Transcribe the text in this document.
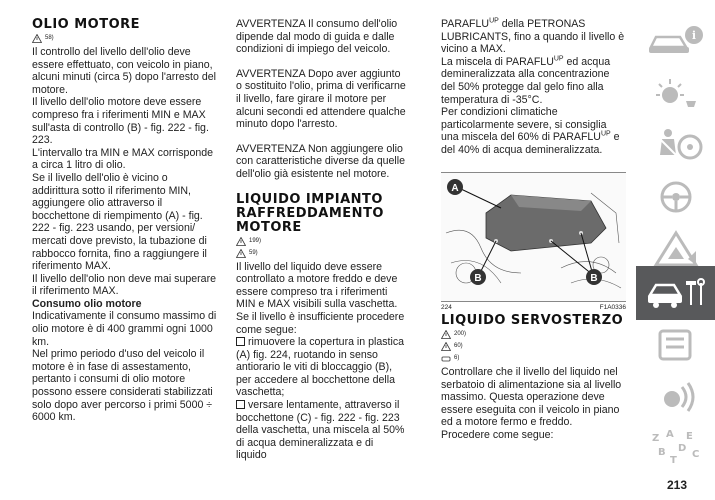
OLIO MOTORE
58)

Il controllo del livello dell'olio deve essere effettuato, con veicolo in piano, alcuni minuti (circa 5) dopo l'arresto del motore.

Il livello dell'olio motore deve essere compreso fra i riferimenti MIN e MAX sull'asta di controllo (B) - fig. 222 - fig. 223.

L'intervallo tra MIN e MAX corrisponde a circa 1 litro di olio.

Se il livello dell'olio è vicino o addirittura sotto il riferimento MIN, aggiungere olio attraverso il bocchettone di riempimento (A) - fig. 222 - fig. 223 usando, per versioni/ mercati dove previsto, la tubazione di rabbocco fornita, fino a raggiungere il riferimento MAX.

Il livello dell'olio non deve mai superare il riferimento MAX.

Consumo olio motore

Indicativamente il consumo massimo di olio motore è di 400 grammi ogni 1000 km.

Nel primo periodo d'uso del veicolo il motore è in fase di assestamento, pertanto i consumi di olio motore possono essere considerati stabilizzati solo dopo aver percorso i primi 5000 ÷ 6000 km.

AVVERTENZA Il consumo dell'olio dipende dal modo di guida e dalle condizioni di impiego del veicolo.

AVVERTENZA Dopo aver aggiunto o sostituito l'olio, prima di verificarne il livello, fare girare il motore per alcuni secondi ed attendere qualche minuto dopo l'arresto.

AVVERTENZA Non aggiungere olio con caratteristiche diverse da quelle dell'olio già esistente nel motore.

LIQUIDO IMPIANTO RAFFREDDAMENTO MOTORE
199)
59)

Il livello del liquido deve essere controllato a motore freddo e deve essere compreso tra i riferimenti MIN e MAX visibili sulla vaschetta.

Se il livello è insufficiente procedere come segue:

rimuovere la copertura in plastica (A) fig. 224, ruotando in senso antiorario le viti di bloccaggio (B), per accedere al bocchettone della vaschetta;

versare lentamente, attraverso il bocchettone (C) - fig. 222 - fig. 223 della vaschetta, una miscela al 50% di acqua demineralizzata e di liquido

$PARAFLU^{UP}$ della PETRONAS LUBRICANTS, fino a quando il livello è vicino a MAX.

La miscela di $PARAFLU^{UP}$ ed acqua demineralizzata alla concentrazione del 50% protegge dal gelo fino alla temperatura di -35°C.

Per condizioni climatiche particolarmente severe, si consiglia una miscela del 60% di $PARAFLU^{UP}$ e del 40% di acqua demineralizzata.

A
B	B
224	F1A0336
LIQUIDO SERVOSTERZO
200)
60)
6)

Controllare che il livello del liquido nel serbatoio di alimentazione sia al livello massimo. Questa operazione deve essere eseguita con il veicolo in piano ed a motore fermo e freddo.

Procedere come segue:

i
Z A E
B D
C
T
213
